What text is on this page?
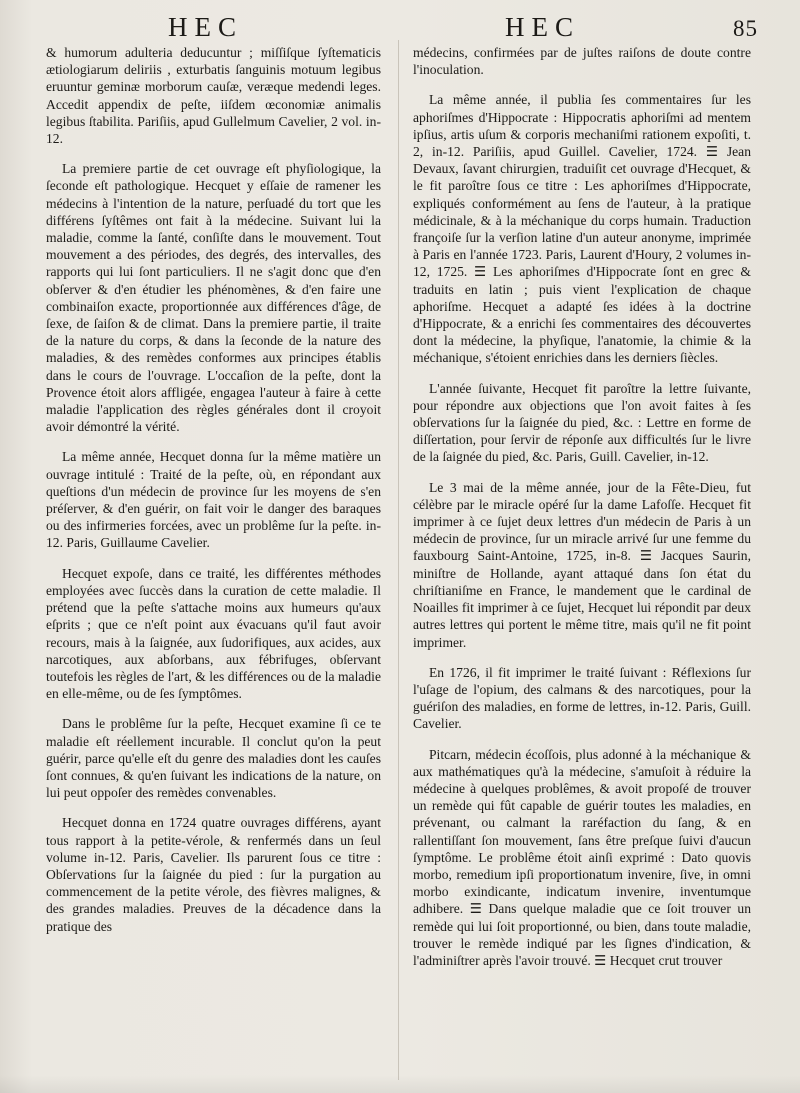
HEC	HEC	85

& humorum adulteria deducuntur ; miſſiſque ſyſtematicis ætiologiarum deliriis , exturbatis ſanguinis motuum legibus eruuntur geminæ morborum cauſæ, veræque medendi leges. Accedit appendix de peſte, iiſdem œconomiæ animalis legibus ſtabilita. Pariſiis, apud Gullelmum Cavelier, 2 vol. in-12.

La premiere partie de cet ouvrage eſt phyſiologique, la ſeconde eſt pathologique. Hecquet y eſſaie de ramener les médecins à l'intention de la nature, perſuadé du tort que les différens ſyſtêmes ont fait à la médecine. Suivant lui la maladie, comme la ſanté, conſiſte dans le mouvement. Tout mouvement a des périodes, des degrés, des intervalles, des rapports qui lui ſont particuliers. Il ne s'agit donc que d'en obſerver & d'en étudier les phénomènes, & d'en faire une combinaiſon exacte, proportionnée aux différences d'âge, de ſexe, de ſaiſon & de climat. Dans la premiere partie, il traite de la nature du corps, & dans la ſeconde de la nature des maladies, & des remèdes conformes aux principes établis dans le cours de l'ouvrage. L'occaſion de la peſte, dont la Provence étoit alors affligée, engagea l'auteur à faire à cette maladie l'application des règles générales dont il croyoit avoir démontré la vérité.

La même année, Hecquet donna ſur la même matière un ouvrage intitulé : Traité de la peſte, où, en répondant aux queſtions d'un médecin de province ſur les moyens de s'en préſerver, & d'en guérir, on fait voir le danger des baraques ou des infirmeries forcées, avec un problême ſur la peſte. in-12. Paris, Guillaume Cavelier.

Hecquet expoſe, dans ce traité, les différentes méthodes employées avec ſuccès dans la curation de cette maladie. Il prétend que la peſte s'attache moins aux humeurs qu'aux eſprits ; que ce n'eſt point aux évacuans qu'il faut avoir recours, mais à la ſaignée, aux ſudorifiques, aux acides, aux narcotiques, aux abſorbans, aux fébrifuges, obſervant toutefois les règles de l'art, & les différences ou de la maladie en elle-même, ou de ſes ſymptômes.

Dans le problême ſur la peſte, Hecquet examine ſi ce te maladie eſt réellement incurable. Il conclut qu'on la peut guérir, parce qu'elle eſt du genre des maladies dont les cauſes ſont connues, & qu'en ſuivant les indications de la nature, on lui peut oppoſer des remèdes convenables.

Hecquet donna en 1724 quatre ouvrages différens, ayant tous rapport à la petite-vérole, & renfermés dans un ſeul volume in-12. Paris, Cavelier. Ils parurent ſous ce titre : Obſervations ſur la ſaignée du pied : ſur la purgation au commencement de la petite vérole, des fièvres malignes, & des grandes maladies. Preuves de la décadence dans la pratique des

médecins, confirmées par de juſtes raiſons de doute contre l'inoculation.

La même année, il publia ſes commentaires ſur les aphoriſmes d'Hippocrate : Hippocratis aphoriſmi ad mentem ipſius, artis uſum & corporis mechaniſmi rationem expoſiti, t. 2, in-12. Pariſiis, apud Guillel. Cavelier, 1724. ☰ Jean Devaux, ſavant chirurgien, traduiſit cet ouvrage d'Hecquet, & le fit paroître ſous ce titre : Les aphoriſmes d'Hippocrate, expliqués conformément au ſens de l'auteur, à la pratique médicinale, & à la méchanique du corps humain. Traduction françoiſe ſur la verſion latine d'un auteur anonyme, imprimée à Paris en l'année 1723. Paris, Laurent d'Houry, 2 volumes in-12, 1725. ☰ Les aphoriſmes d'Hippocrate ſont en grec & traduits en latin ; puis vient l'explication de chaque aphoriſme. Hecquet a adapté ſes idées à la doctrine d'Hippocrate, & a enrichi ſes commentaires des découvertes dont la médecine, la phyſique, l'anatomie, la chimie & la méchanique, s'étoient enrichies dans les derniers ſiècles.

L'année ſuivante, Hecquet fit paroître la lettre ſuivante, pour répondre aux objections que l'on avoit faites à ſes obſervations ſur la ſaignée du pied, &c. : Lettre en forme de diſſertation, pour ſervir de réponſe aux difficultés ſur le livre de la ſaignée du pied, &c. Paris, Guill. Cavelier, in-12.

Le 3 mai de la même année, jour de la Fête-Dieu, fut célèbre par le miracle opéré ſur la dame Lafoſſe. Hecquet fit imprimer à ce ſujet deux lettres d'un médecin de Paris à un médecin de province, ſur un miracle arrivé ſur une femme du fauxbourg Saint-Antoine, 1725, in-8. ☰ Jacques Saurin, miniſtre de Hollande, ayant attaqué dans ſon état du chriſtianiſme en France, le mandement que le cardinal de Noailles fit imprimer à ce ſujet, Hecquet lui répondit par deux autres lettres qui portent le même titre, mais qu'il ne fit point imprimer.

En 1726, il fit imprimer le traité ſuivant : Réflexions ſur l'uſage de l'opium, des calmans & des narcotiques, pour la guériſon des maladies, en forme de lettres, in-12. Paris, Guill. Cavelier.

Pitcarn, médecin écoſſois, plus adonné à la méchanique & aux mathématiques qu'à la médecine, s'amuſoit à réduire la médecine à quelques problêmes, & avoit propoſé de trouver un remède qui fût capable de guérir toutes les maladies, en prévenant, ou calmant la raréfaction du ſang, & en rallentiſſant ſon mouvement, ſans être preſque ſuivi d'aucun ſymptôme. Le problême étoit ainſi exprimé : Dato quovis morbo, remedium ipſi proportionatum invenire, ſive, in omni morbo exindicante, indicatum invenire, inventumque adhibere. ☰ Dans quelque maladie que ce ſoit trouver un remède qui lui ſoit proportionné, ou bien, dans toute maladie, trouver le remède indiqué par les ſignes d'indication, & l'adminiſtrer après l'avoir trouvé. ☰ Hecquet crut trouver
